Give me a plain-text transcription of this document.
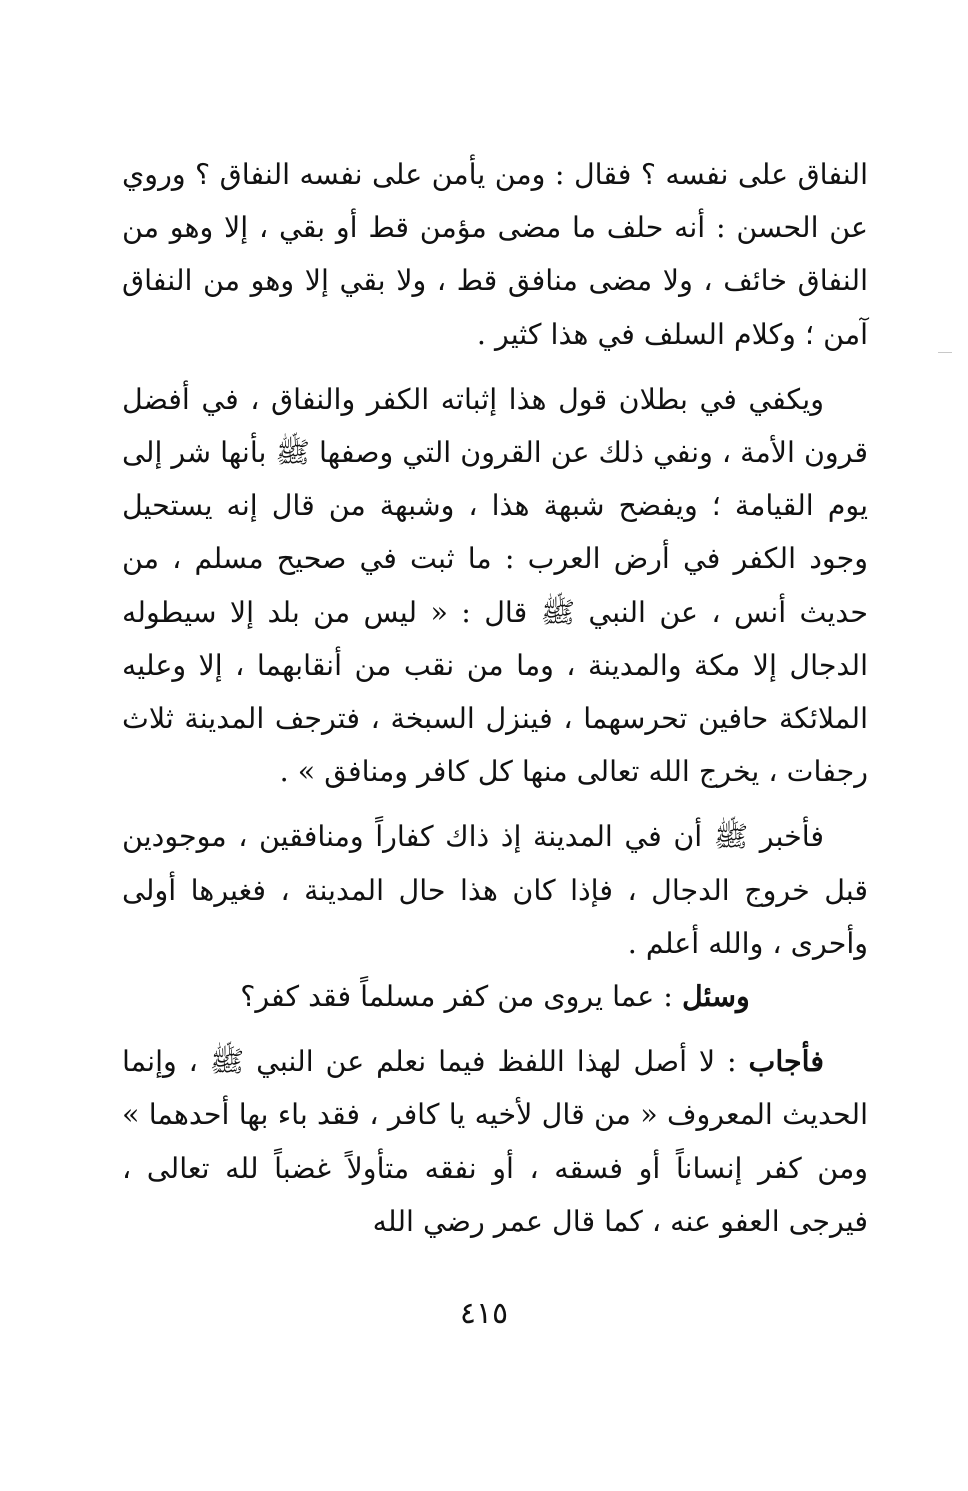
النفاق على نفسه ؟ فقال : ومن يأمن على نفسه النفاق ؟ وروي عن الحسن : أنه حلف ما مضى مؤمن قط أو بقي ، إلا وهو من النفاق خائف ، ولا مضى منافق قط ، ولا بقي إلا وهو من النفاق آمن ؛ وكلام السلف في هذا كثير .

ويكفي في بطلان قول هذا إثباته الكفر والنفاق ، في أفضل قرون الأمة ، ونفي ذلك عن القرون التي وصفها ﷺ بأنها شر إلى يوم القيامة ؛ ويفضح شبهة هذا ، وشبهة من قال إنه يستحيل وجود الكفر في أرض العرب : ما ثبت في صحيح مسلم ، من حديث أنس ، عن النبي ﷺ قال : « ليس من بلد إلا سيطوله الدجال إلا مكة والمدينة ، وما من نقب من أنقابهما ، إلا وعليه الملائكة حافين تحرسهما ، فينزل السبخة ، فترجف المدينة ثلاث رجفات ، يخرج الله تعالى منها كل كافر ومنافق » .

فأخبر ﷺ أن في المدينة إذ ذاك كفاراً ومنافقين ، موجودين قبل خروج الدجال ، فإذا كان هذا حال المدينة ، فغيرها أولى وأحرى ، والله أعلم .

وسئل : عما يروى من كفر مسلماً فقد كفر؟

فأجاب : لا أصل لهذا اللفظ فيما نعلم عن النبي ﷺ ، وإنما الحديث المعروف « من قال لأخيه يا كافر ، فقد باء بها أحدهما » ومن كفر إنساناً أو فسقه ، أو نفقه متأولاً غضباً لله تعالى ، فيرجى العفو عنه ، كما قال عمر رضي الله

٤١٥
